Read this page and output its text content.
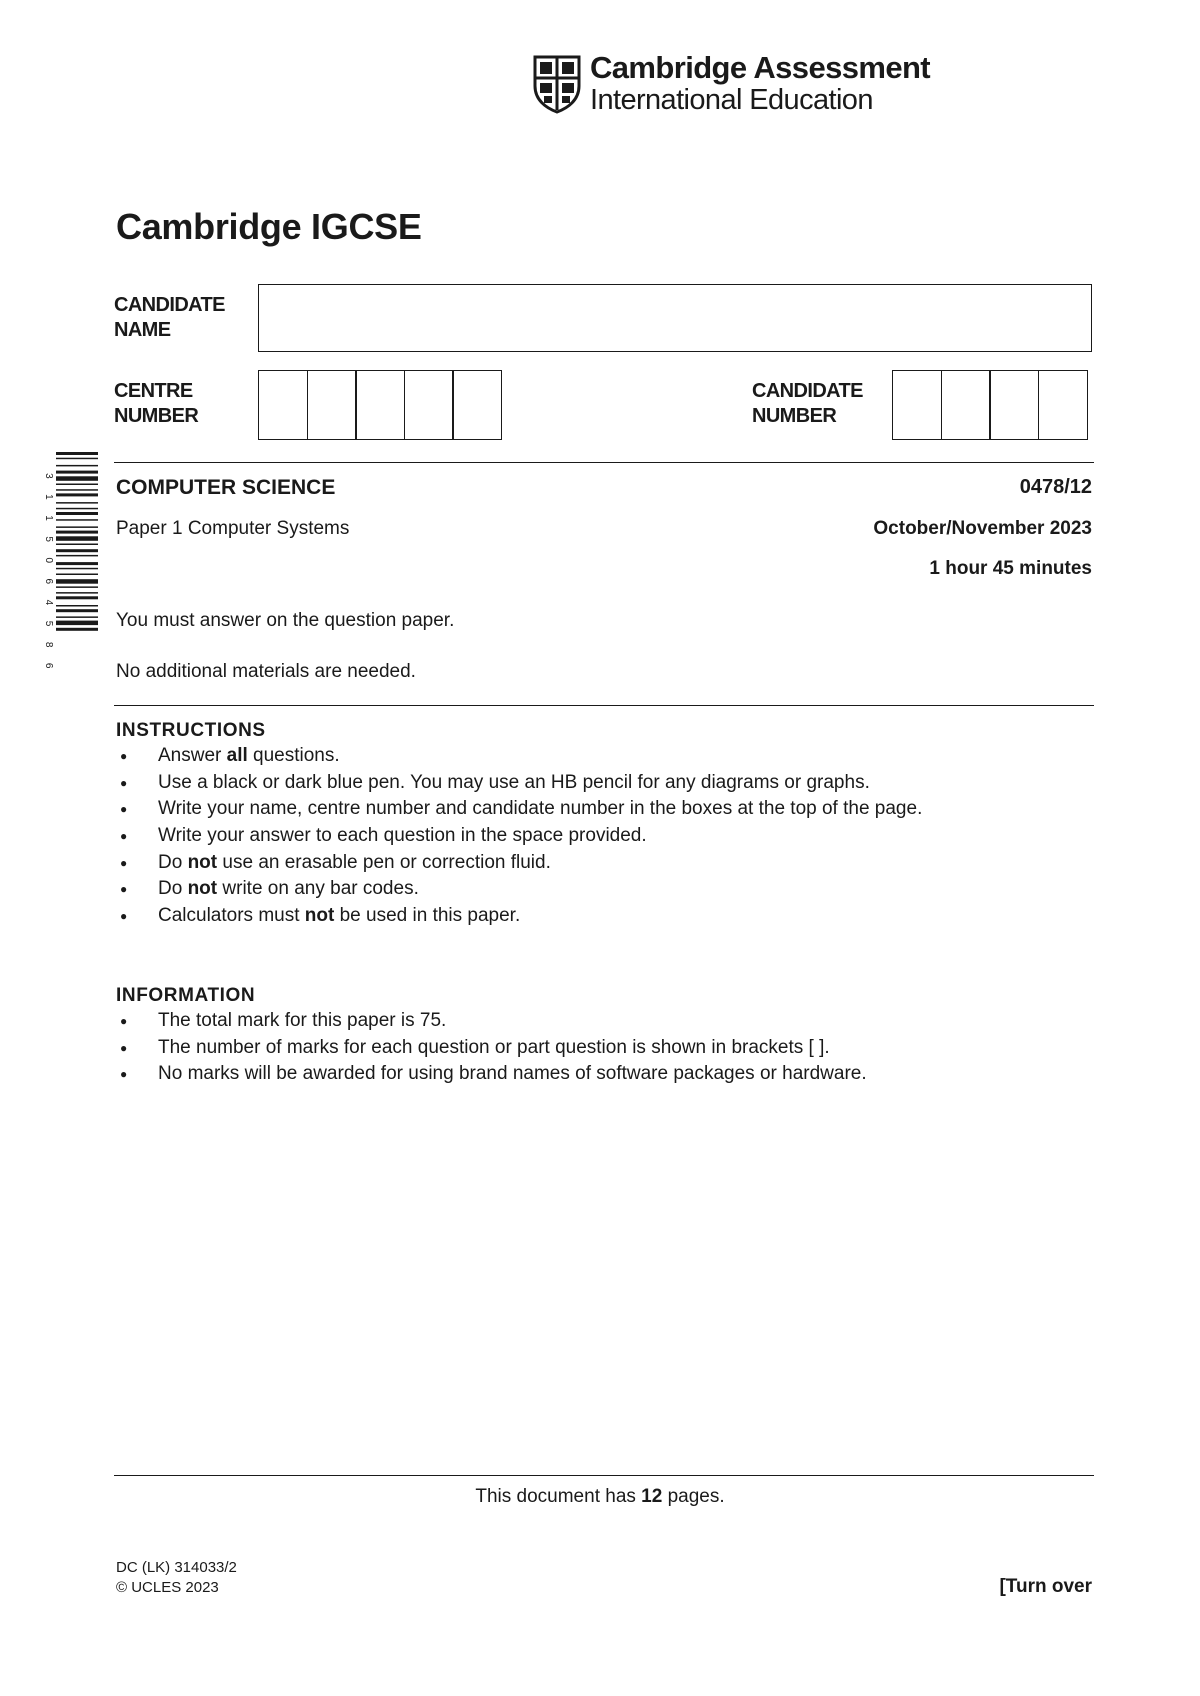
Cambridge Assessment
International Education
Cambridge IGCSE
CANDIDATE
NAME
CENTRE
NUMBER
CANDIDATE
NUMBER
3
1
1
5
0
6
4
5
8
6
COMPUTER SCIENCE	0478/12
Paper 1 Computer Systems	October/November 2023
1 hour 45 minutes
You must answer on the question paper.
No additional materials are needed.
INSTRUCTIONS
● Answer all questions.
● Use a black or dark blue pen. You may use an HB pencil for any diagrams or graphs.
● Write your name, centre number and candidate number in the boxes at the top of the page.
● Write your answer to each question in the space provided.
● Do not use an erasable pen or correction fluid.
● Do not write on any bar codes.
● Calculators must not be used in this paper.
INFORMATION
● The total mark for this paper is 75.
● The number of marks for each question or part question is shown in brackets [ ].
● No marks will be awarded for using brand names of software packages or hardware.
This document has 12 pages.
DC (LK) 314033/2
© UCLES 2023	[Turn over
